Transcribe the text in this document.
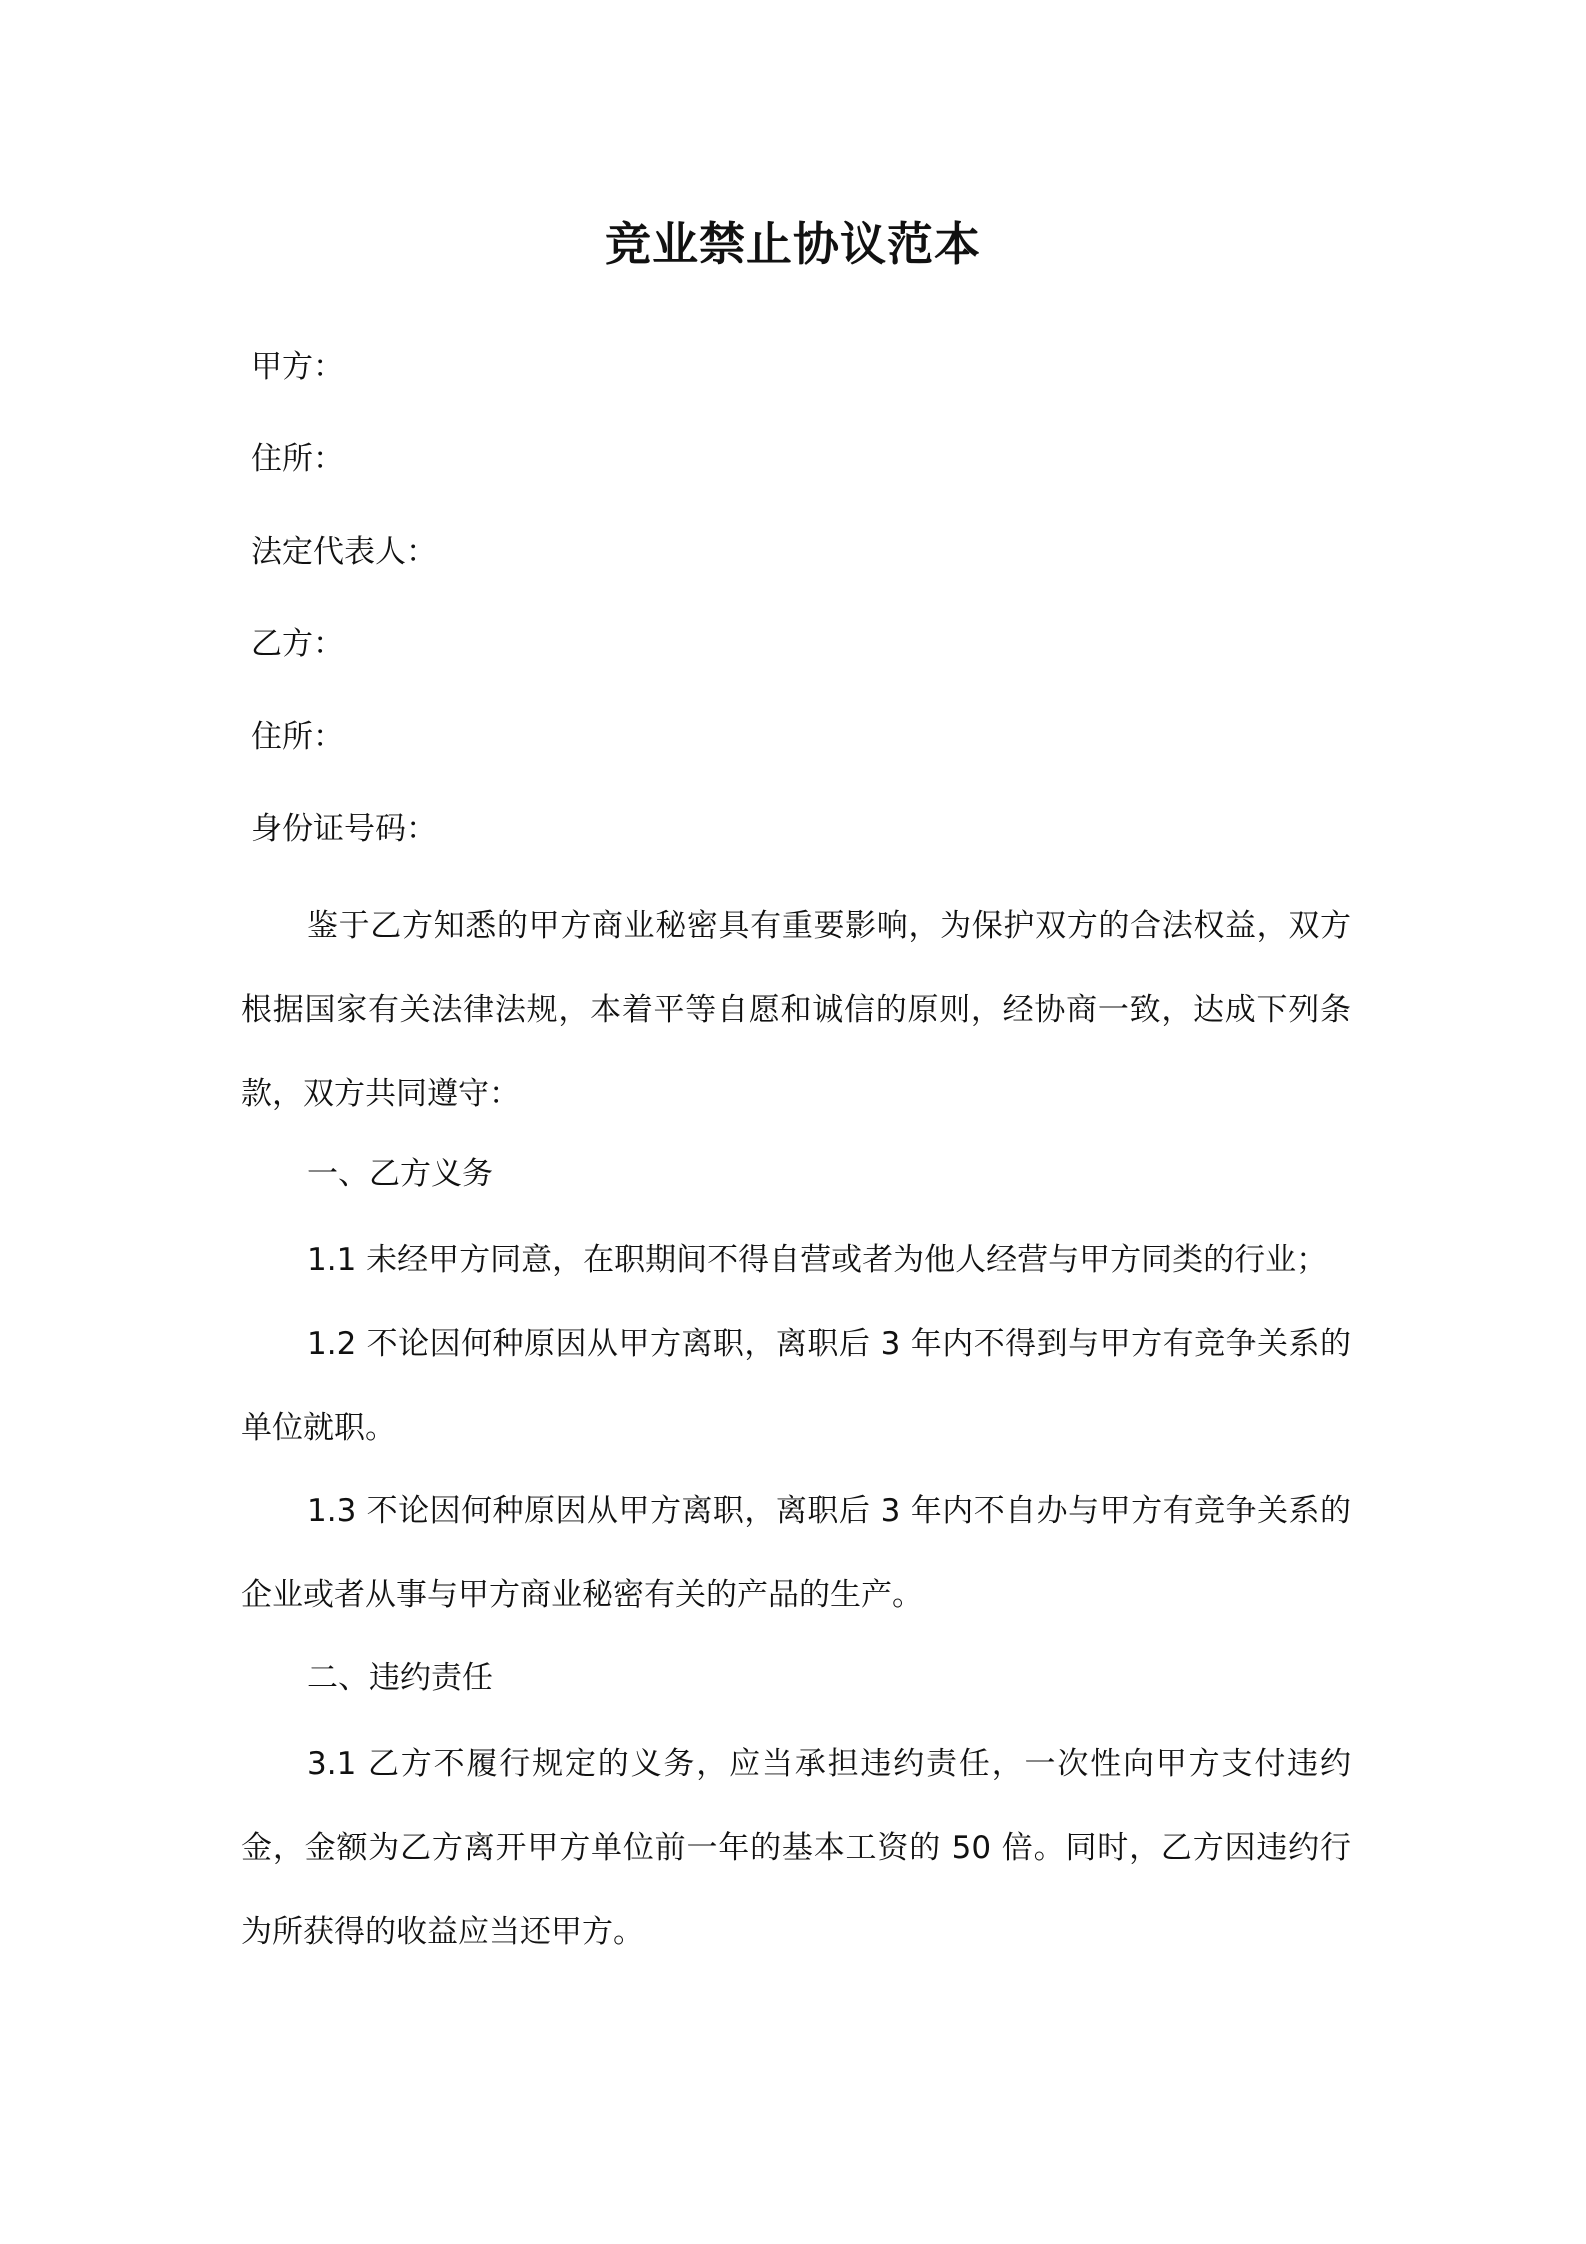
竞业禁止协议范本
甲方：
住所：
法定代表人：
乙方：
住所：
身份证号码：
鉴于乙方知悉的甲方商业秘密具有重要影响，为保护双方的合法权益，双方根据国家有关法律法规，本着平等自愿和诚信的原则，经协商一致，达成下列条款，双方共同遵守：
一、乙方义务
1.1 未经甲方同意，在职期间不得自营或者为他人经营与甲方同类的行业；
1.2 不论因何种原因从甲方离职，离职后 3 年内不得到与甲方有竞争关系的单位就职。
1.3 不论因何种原因从甲方离职，离职后 3 年内不自办与甲方有竞争关系的企业或者从事与甲方商业秘密有关的产品的生产。
二、违约责任
3.1 乙方不履行规定的义务，应当承担违约责任，一次性向甲方支付违约金，金额为乙方离开甲方单位前一年的基本工资的 50 倍。同时，乙方因违约行为所获得的收益应当还甲方。
